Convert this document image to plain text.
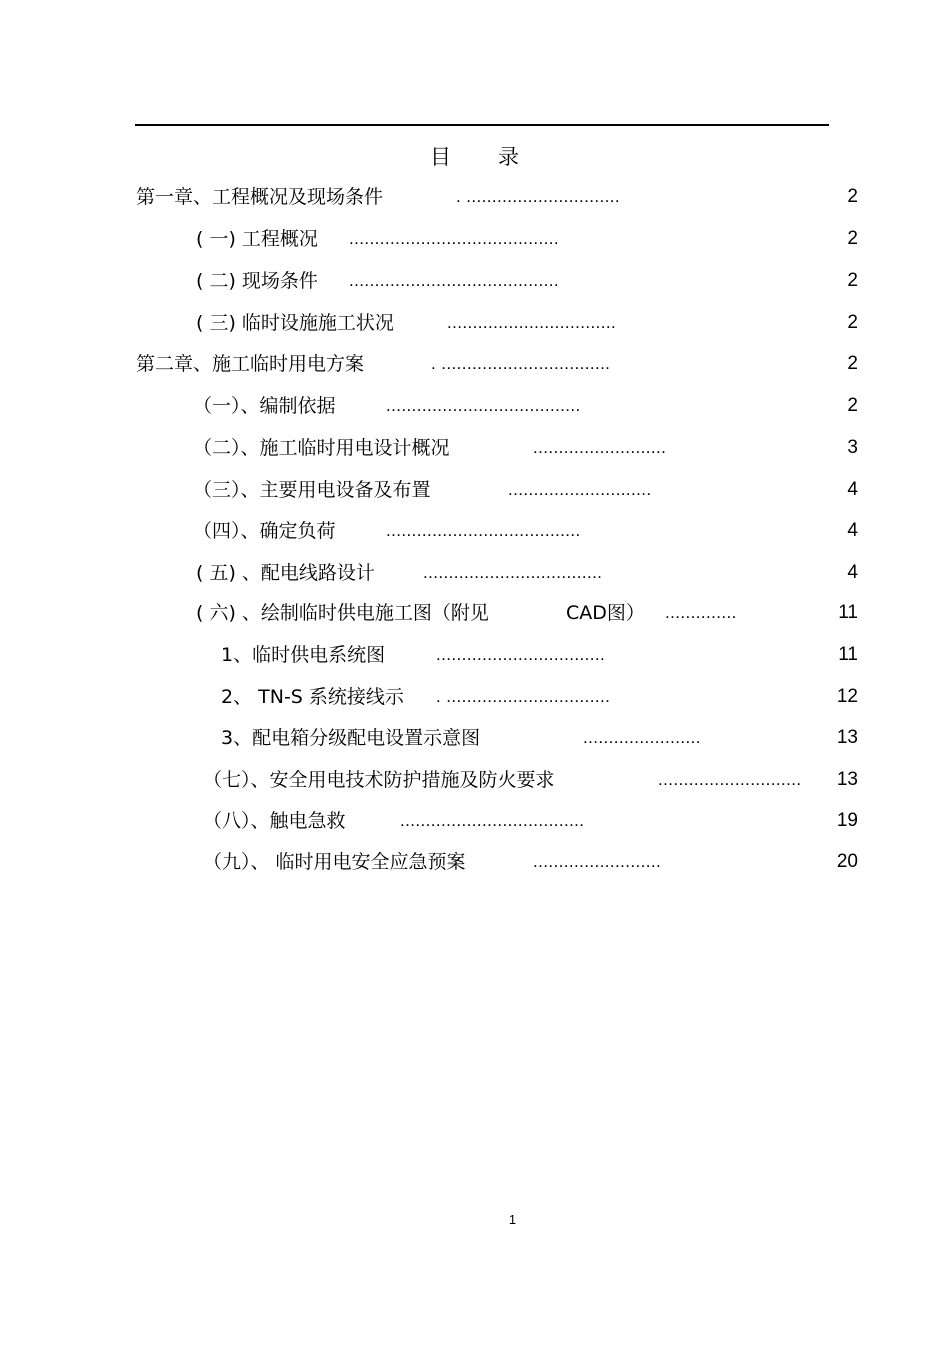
目 录
第一章、工程概况及现场条件	. ..............................	2
( 一) 工程概况 .........................................	2
( 二) 现场条件 .........................................	2
( 三) 临时设施施工状况	.................................	2
第二章、施工临时用电方案	. .................................	2
（一）、编制依据	......................................	2
（二）、施工临时用电设计概况	..........................	3
（三）、主要用电设备及布置	............................	4
（四）、确定负荷	......................................	4
( 五) 、配电线路设计	...................................	4
( 六) 、绘制临时供电施工图（附见	CAD图） ..............	11
1、临时供电系统图	.................................	11
2、 TN-S 系统接线示 . ................................	12
3、配电箱分级配电设置示意图	.......................	13
（七）、安全用电技术防护措施及防火要求	............................ 13
（八）、触电急救	....................................	19
（九）、 临时用电安全应急预案	.........................	20
1
